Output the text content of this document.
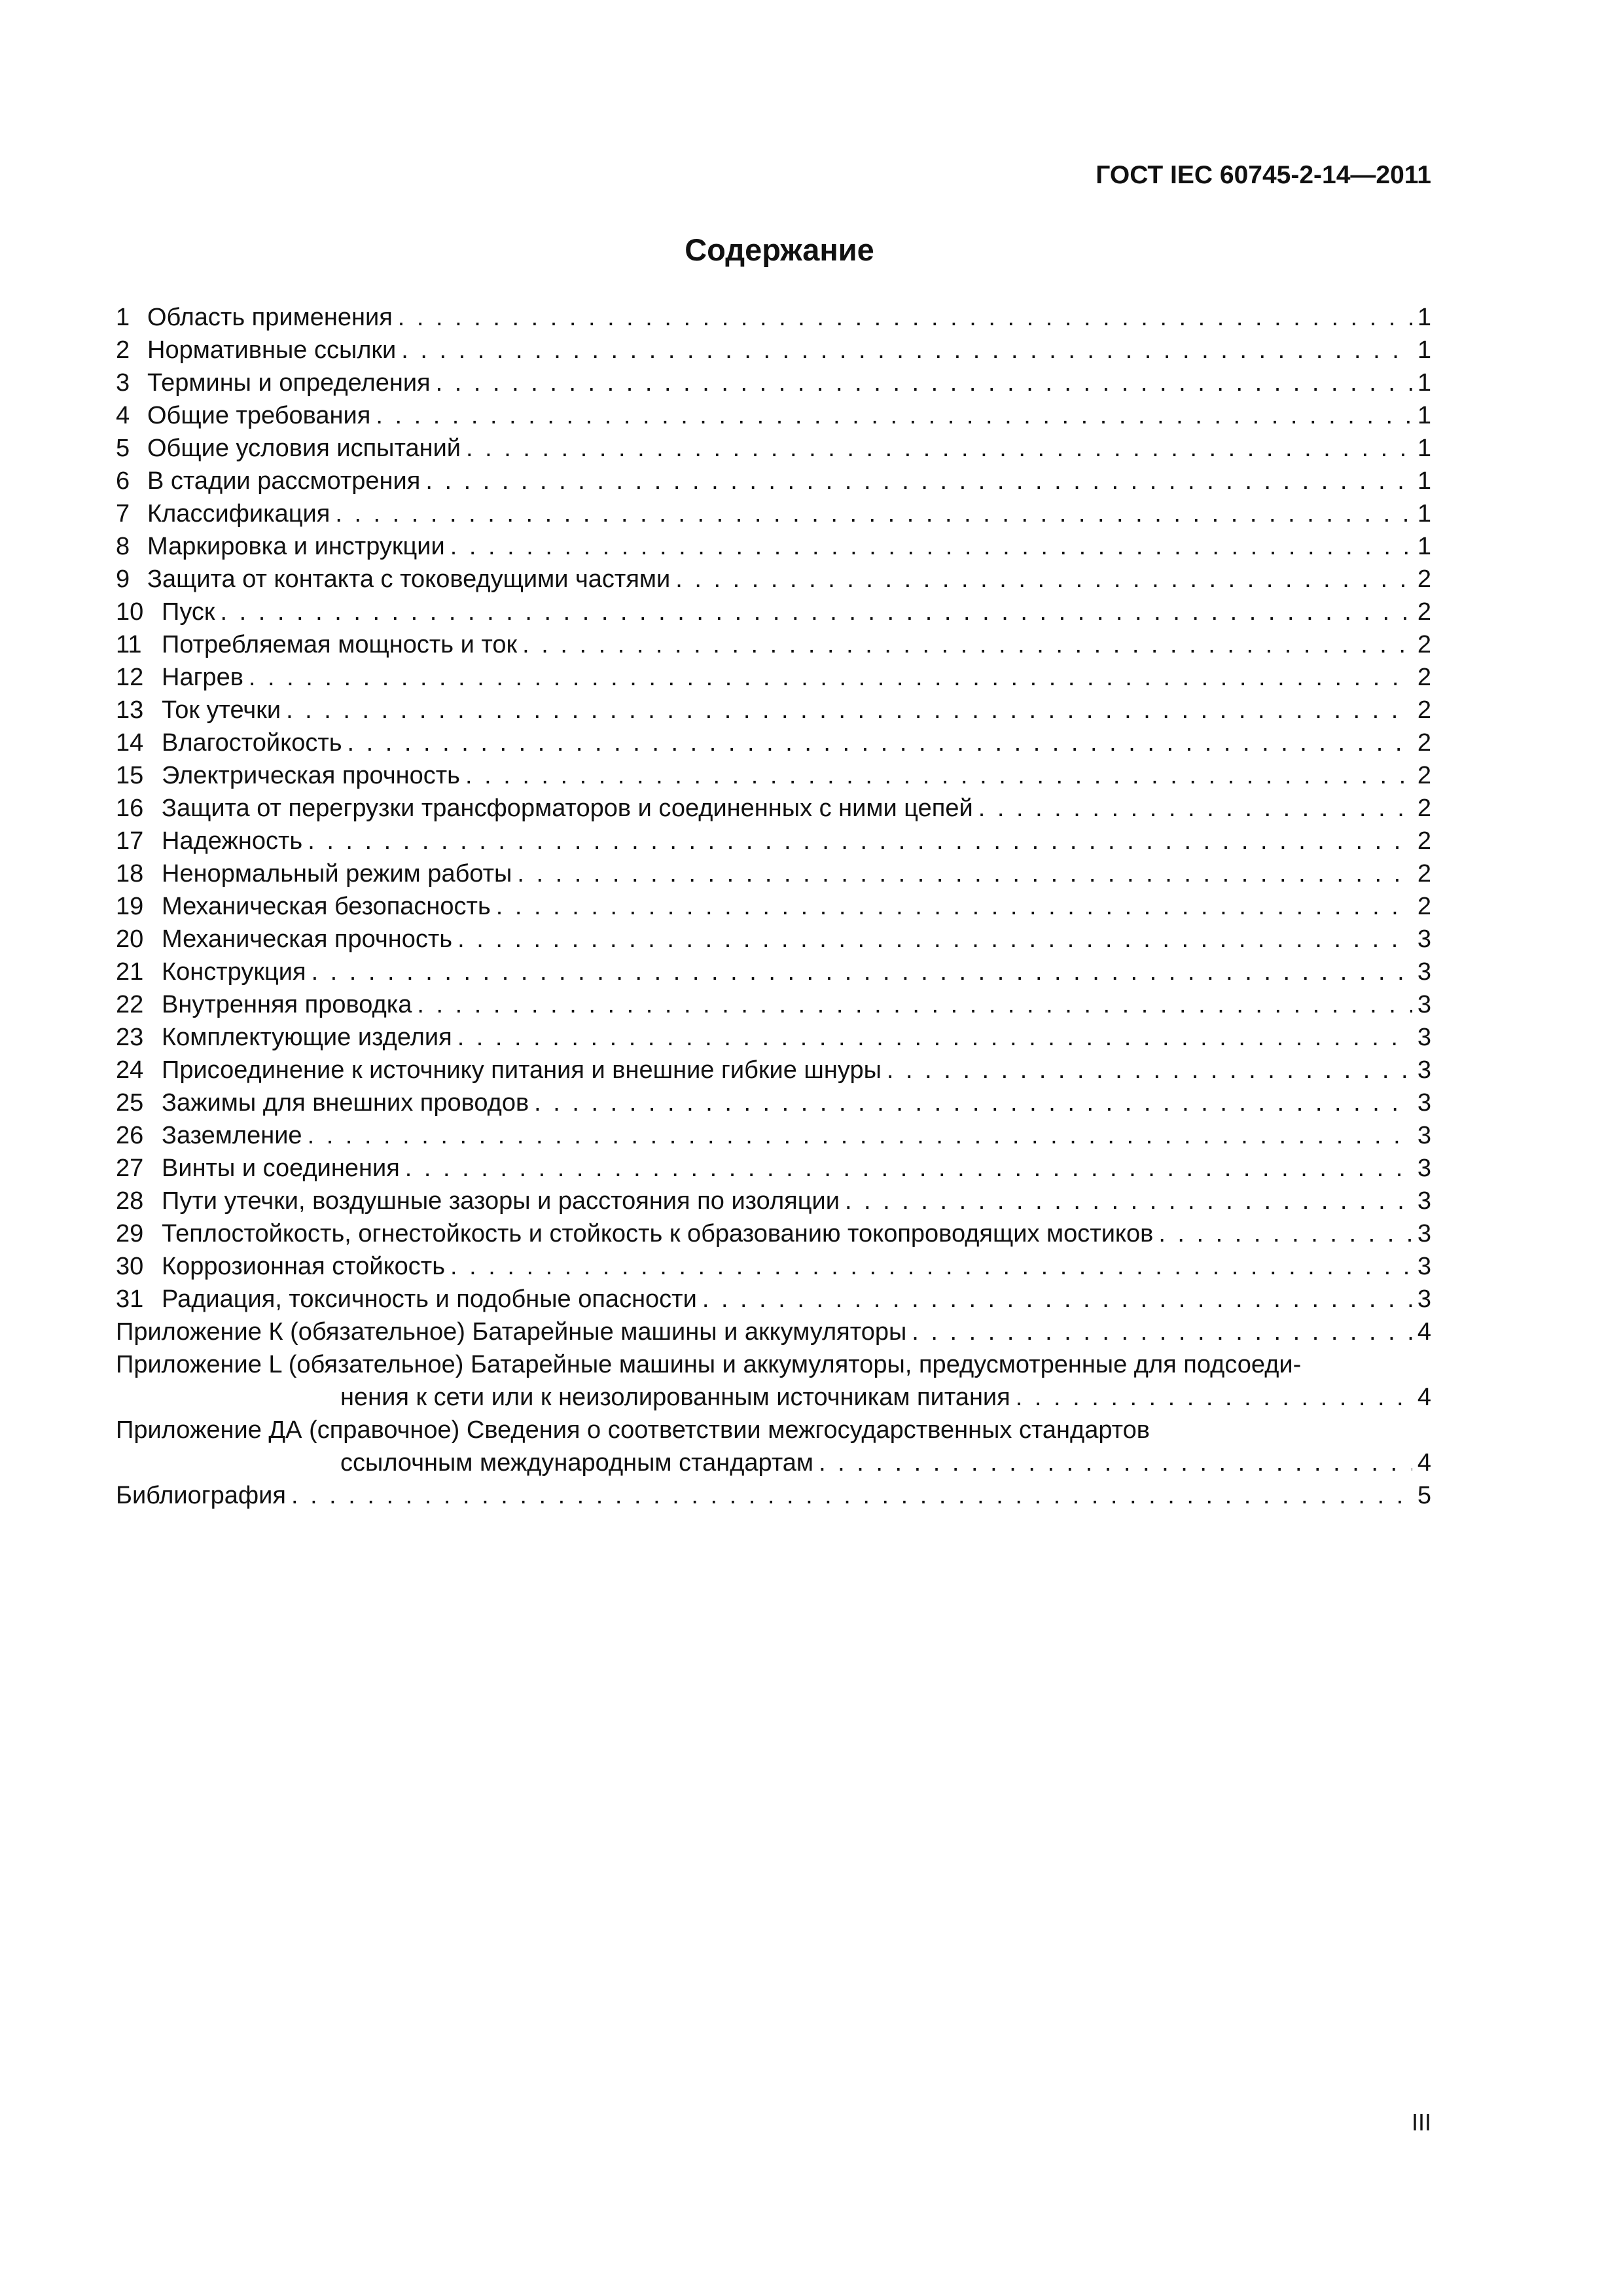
ГОСТ IEC 60745-2-14—2011
Содержание
1 Область применения . . .	1
2 Нормативные ссылки . . .	1
3 Термины и определения . . .	1
4 Общие требования . . .	1
5 Общие условия испытаний . . .	1
6 В стадии рассмотрения . . .	1
7 Классификация . . .	1
8 Маркировка и инструкции . . .	1
9 Защита от контакта с токоведущими частями . . .	2
10 Пуск . . .	2
11 Потребляемая мощность и ток . . .	2
12 Нагрев . . .	2
13 Ток утечки . . .	2
14 Влагостойкость . . .	2
15 Электрическая прочность . . .	2
16 Защита от перегрузки трансформаторов и соединенных с ними цепей . . .	2
17 Надежность . . .	2
18 Ненормальный режим работы . . .	2
19 Механическая безопасность . . .	2
20 Механическая прочность . . .	3
21 Конструкция . . .	3
22 Внутренняя проводка . . .	3
23 Комплектующие изделия . . .	3
24 Присоединение к источнику питания и внешние гибкие шнуры . . .	3
25 Зажимы для внешних проводов . . .	3
26 Заземление . . .	3
27 Винты и соединения . . .	3
28 Пути утечки, воздушные зазоры и расстояния по изоляции . . .	3
29 Теплостойкость, огнестойкость и стойкость к образованию токопроводящих мостиков . . .	3
30 Коррозионная стойкость . . .	3
31 Радиация, токсичность и подобные опасности . . .	3
Приложение К (обязательное) Батарейные машины и аккумуляторы . . .	4
Приложение L (обязательное) Батарейные машины и аккумуляторы, предусмотренные для подсоеди-
нения к сети или к неизолированным источникам питания . . .	4
Приложение ДА (справочное) Сведения о соответствии межгосударственных стандартов
ссылочным международным стандартам . . .	4
Библиография . . .	5
III
